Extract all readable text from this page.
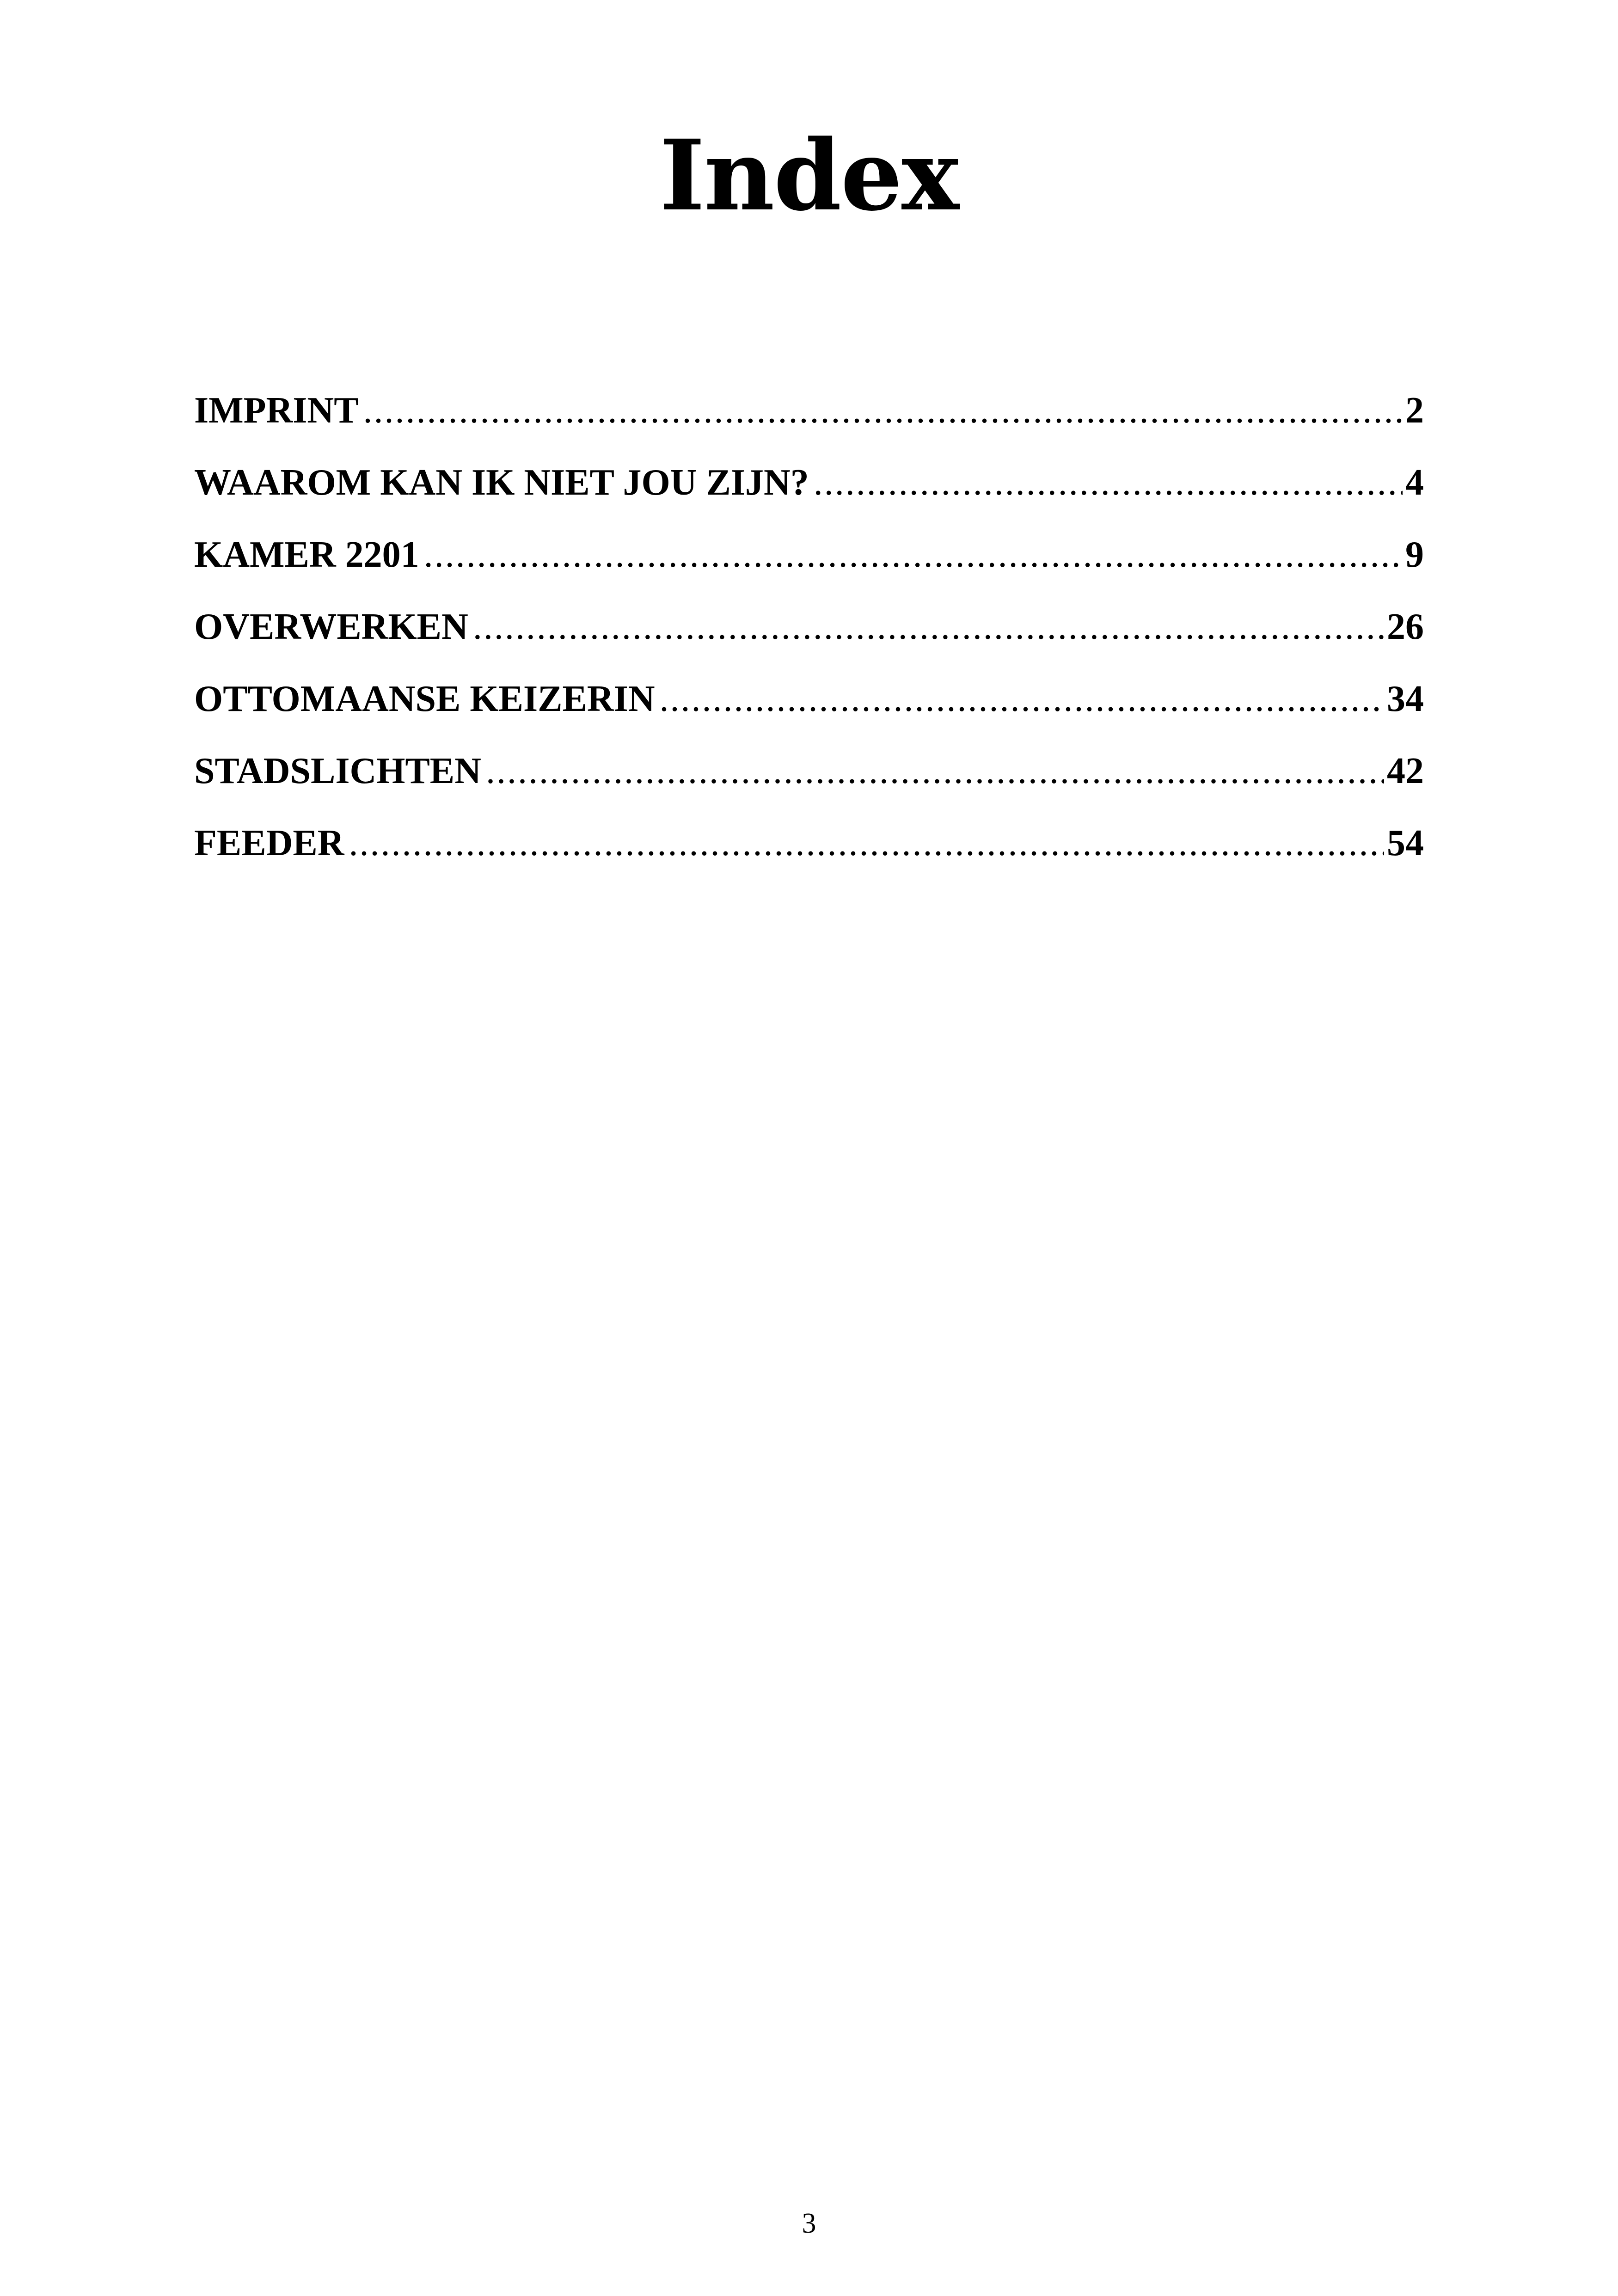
Index
IMPRINT .....	2
WAAROM KAN IK NIET JOU ZIJN? .....	4
KAMER 2201 .....	9
OVERWERKEN .....	26
OTTOMAANSE KEIZERIN .....	34
STADSLICHTEN .....	42
FEEDER .....	54
3
